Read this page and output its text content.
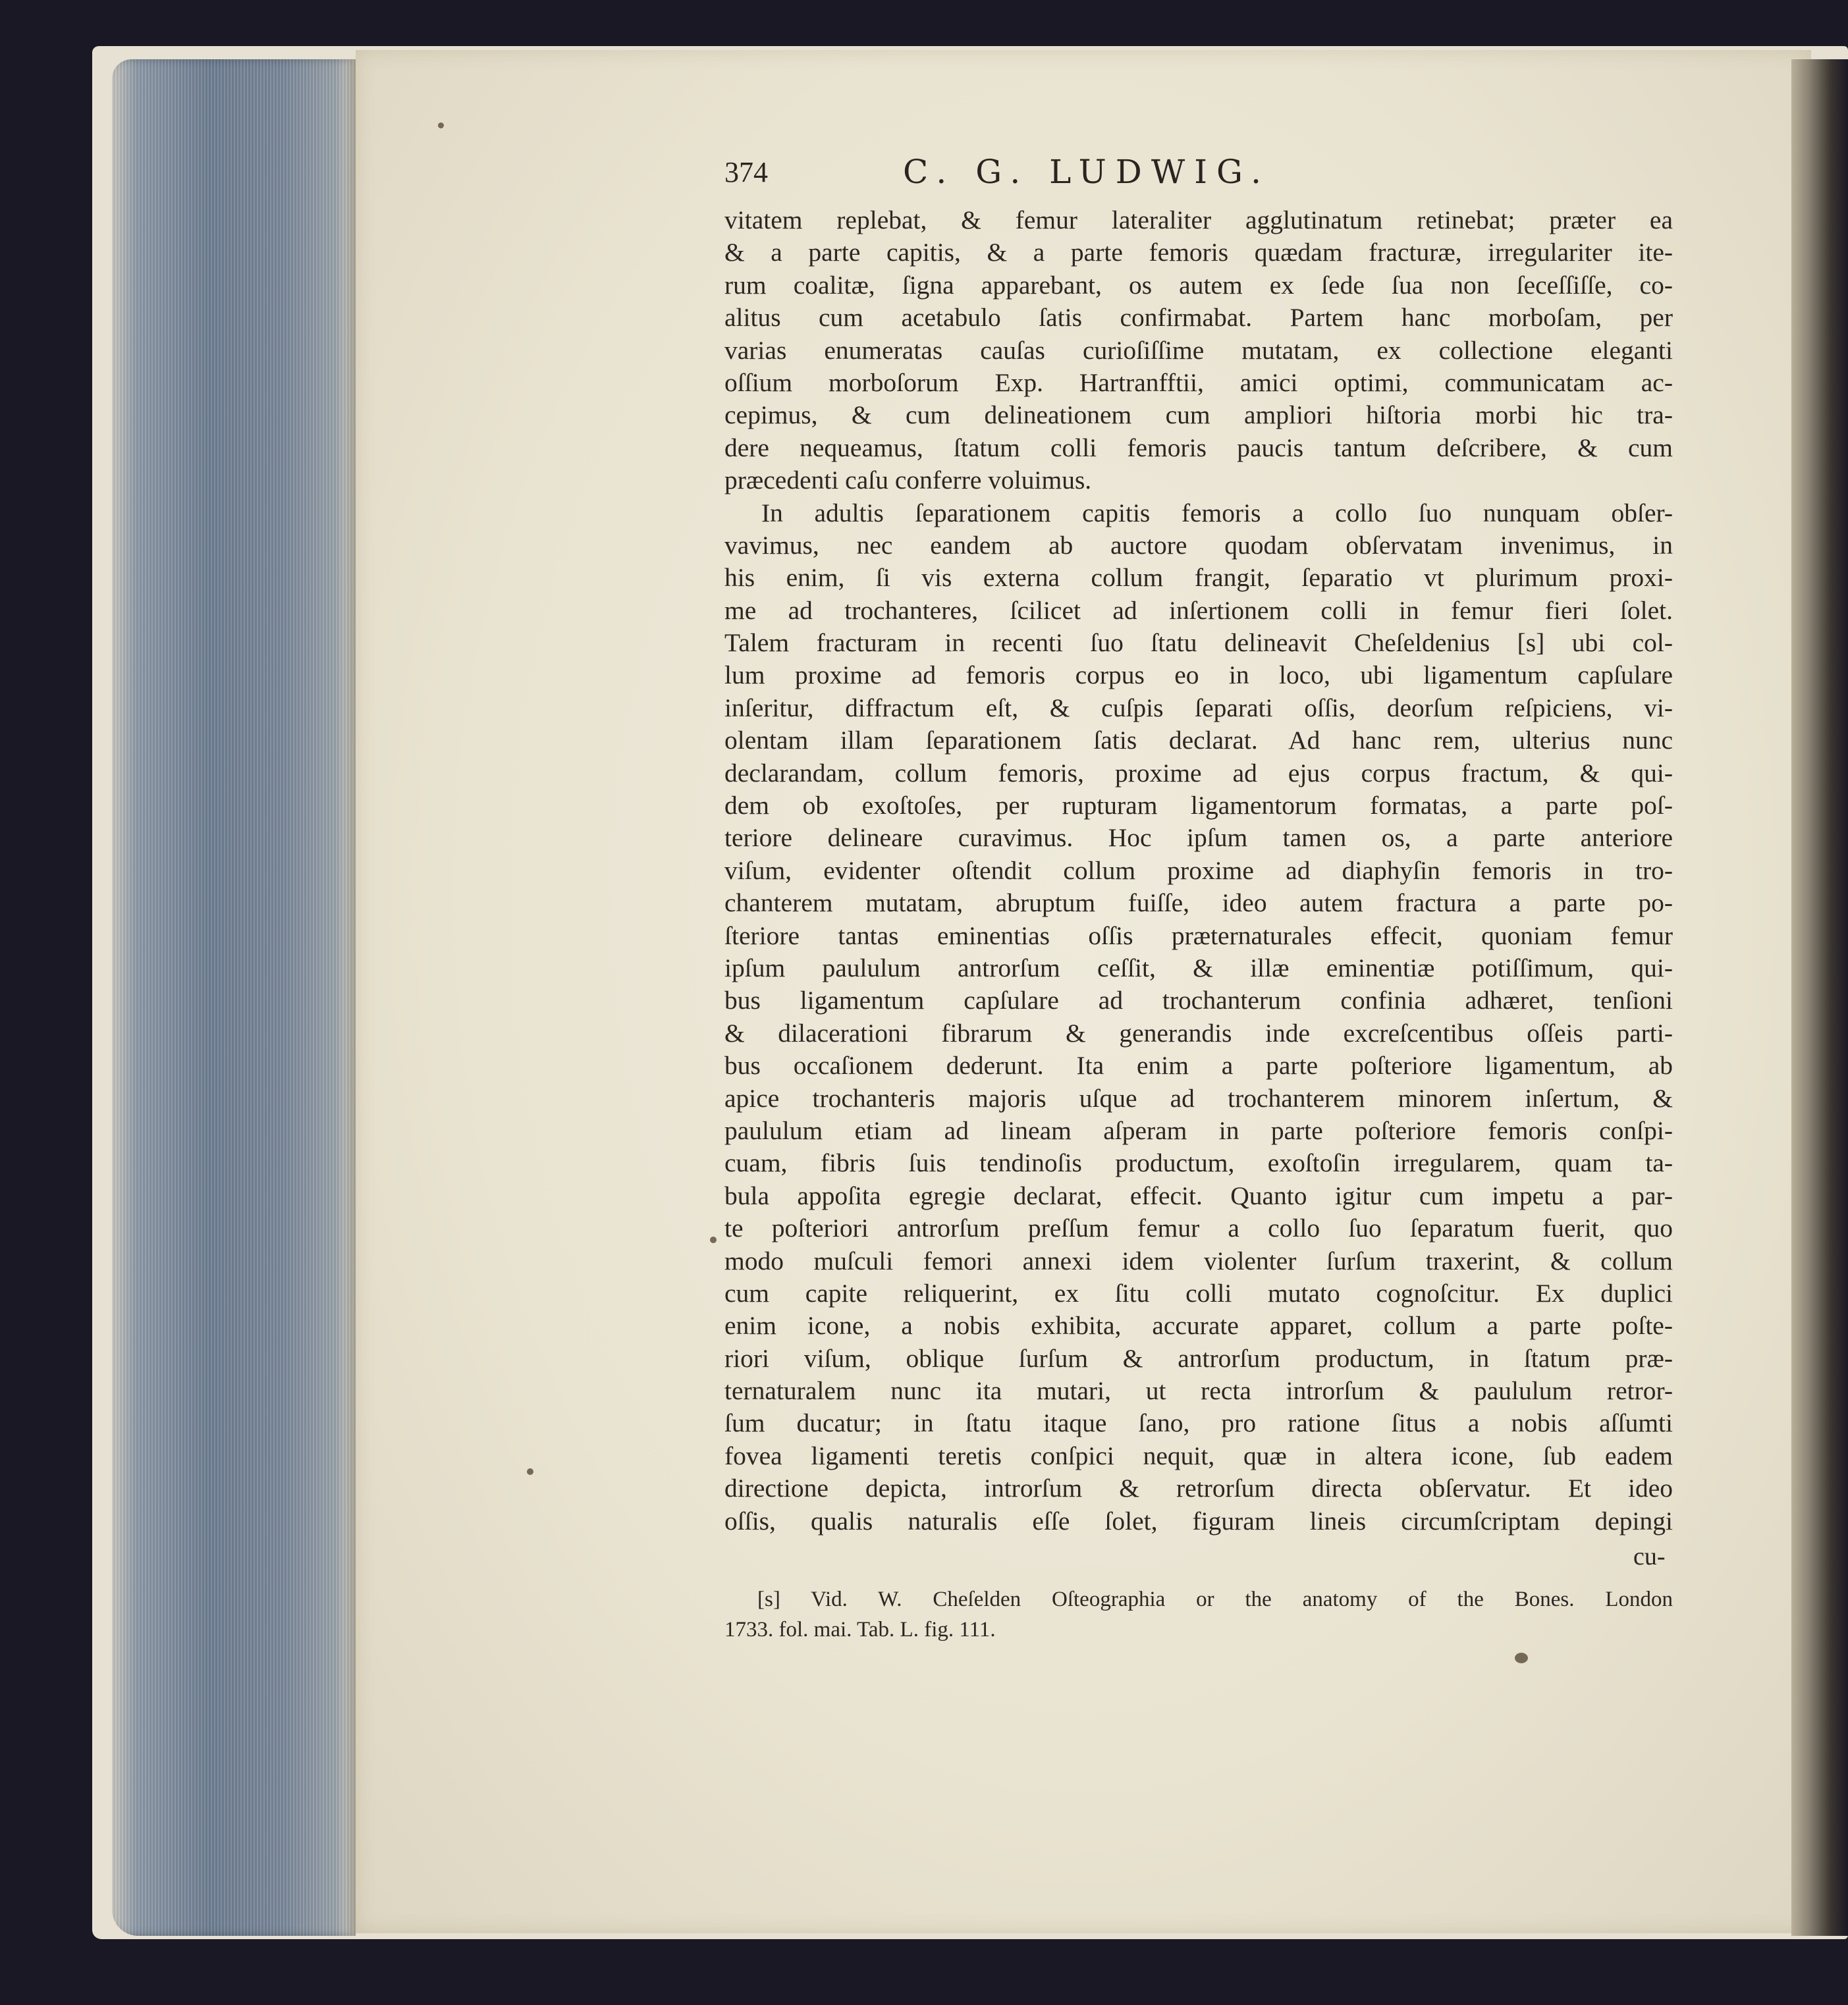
374	C. G. LUDWIG.
vitatem replebat, & femur lateraliter agglutinatum retinebat; præter ea
& a parte capitis, & a parte femoris quædam fracturæ, irregulariter ite-
rum coalitæ, ſigna apparebant, os autem ex ſede ſua non ſeceſſiſſe, co-
alitus cum acetabulo ſatis confirmabat. Partem hanc morboſam, per
varias enumeratas cauſas curioſiſſime mutatam, ex collectione eleganti
oſſium morboſorum Exp. Hartranfftii, amici optimi, communicatam ac-
cepimus, & cum delineationem cum ampliori hiſtoria morbi hic tra-
dere nequeamus, ſtatum colli femoris paucis tantum deſcribere, & cum
præcedenti caſu conferre voluimus.
In adultis ſeparationem capitis femoris a collo ſuo nunquam obſer-
vavimus, nec eandem ab auctore quodam obſervatam invenimus, in
his enim, ſi vis externa collum frangit, ſeparatio vt plurimum proxi-
me ad trochanteres, ſcilicet ad inſertionem colli in femur fieri ſolet.
Talem fracturam in recenti ſuo ſtatu delineavit Cheſeldenius [s] ubi col-
lum proxime ad femoris corpus eo in loco, ubi ligamentum capſulare
inſeritur, diffractum eſt, & cuſpis ſeparati oſſis, deorſum reſpiciens, vi-
olentam illam ſeparationem ſatis declarat. Ad hanc rem, ulterius nunc
declarandam, collum femoris, proxime ad ejus corpus fractum, & qui-
dem ob exoſtoſes, per rupturam ligamentorum formatas, a parte poſ-
teriore delineare curavimus. Hoc ipſum tamen os, a parte anteriore
viſum, evidenter oſtendit collum proxime ad diaphyſin femoris in tro-
chanterem mutatam, abruptum fuiſſe, ideo autem fractura a parte po-
ſteriore tantas eminentias oſſis præternaturales effecit, quoniam femur
ipſum paululum antrorſum ceſſit, & illæ eminentiæ potiſſimum, qui-
bus ligamentum capſulare ad trochanterum confinia adhæret, tenſioni
& dilacerationi fibrarum & generandis inde excreſcentibus oſſeis parti-
bus occaſionem dederunt. Ita enim a parte poſteriore ligamentum, ab
apice trochanteris majoris uſque ad trochanterem minorem inſertum, &
paululum etiam ad lineam aſperam in parte poſteriore femoris conſpi-
cuam, fibris ſuis tendinoſis productum, exoſtoſin irregularem, quam ta-
bula appoſita egregie declarat, effecit. Quanto igitur cum impetu a par-
te poſteriori antrorſum preſſum femur a collo ſuo ſeparatum fuerit, quo
modo muſculi femori annexi idem violenter ſurſum traxerint, & collum
cum capite reliquerint, ex ſitu colli mutato cognoſcitur. Ex duplici
enim icone, a nobis exhibita, accurate apparet, collum a parte poſte-
riori viſum, oblique ſurſum & antrorſum productum, in ſtatum præ-
ternaturalem nunc ita mutari, ut recta introrſum & paululum retror-
ſum ducatur; in ſtatu itaque ſano, pro ratione ſitus a nobis aſſumti
fovea ligamenti teretis conſpici nequit, quæ in altera icone, ſub eadem
directione depicta, introrſum & retrorſum directa obſervatur. Et ideo
oſſis, qualis naturalis eſſe ſolet, figuram lineis circumſcriptam depingi
cu-
[s] Vid. W. Cheſelden Oſteographia or the anatomy of the Bones. London
1733. fol. mai. Tab. L. fig. 111.
